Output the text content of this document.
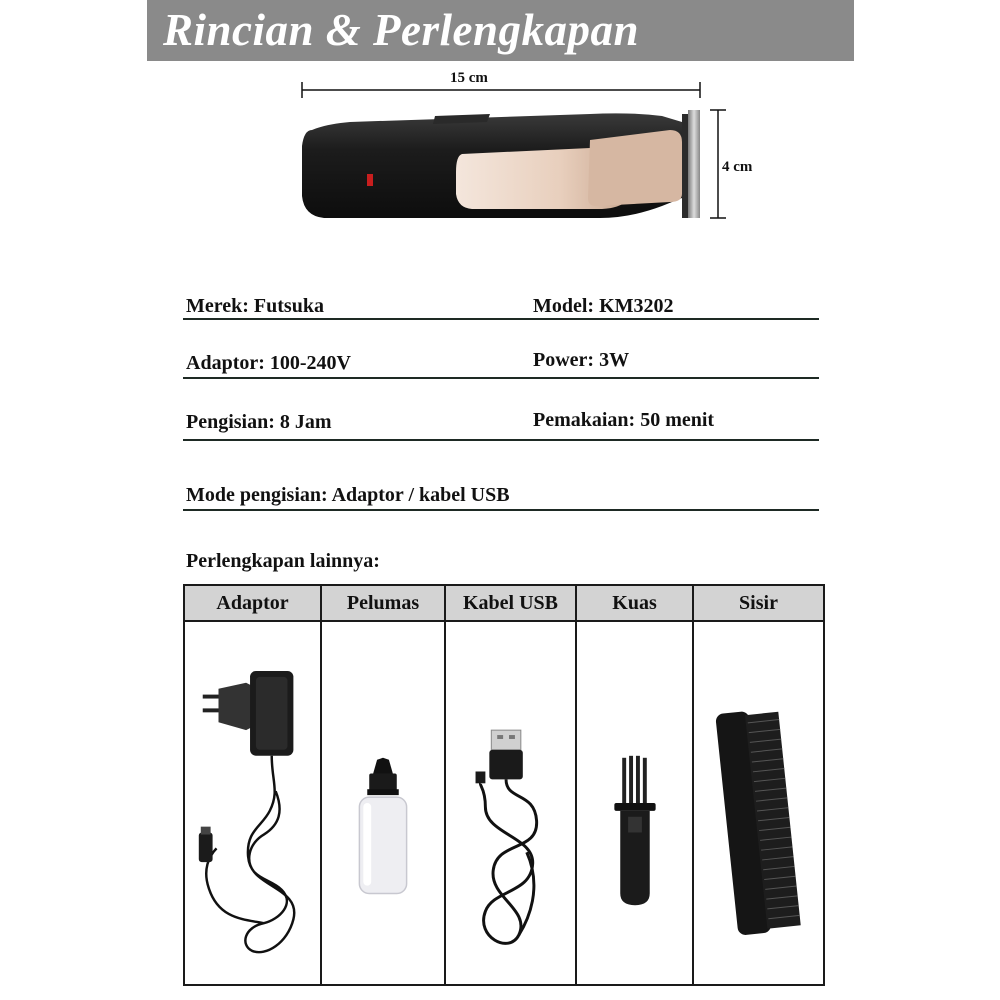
Rincian & Perlengkapan
15 cm
4 cm
Merek: Futsuka	Model: KM3202
Adaptor: 100-240V	Power: 3W
Pengisian: 8 Jam	Pemakaian: 50 menit
Mode pengisian: Adaptor / kabel USB
Perlengkapan lainnya:
Adaptor	Pelumas	Kabel USB	Kuas	Sisir
